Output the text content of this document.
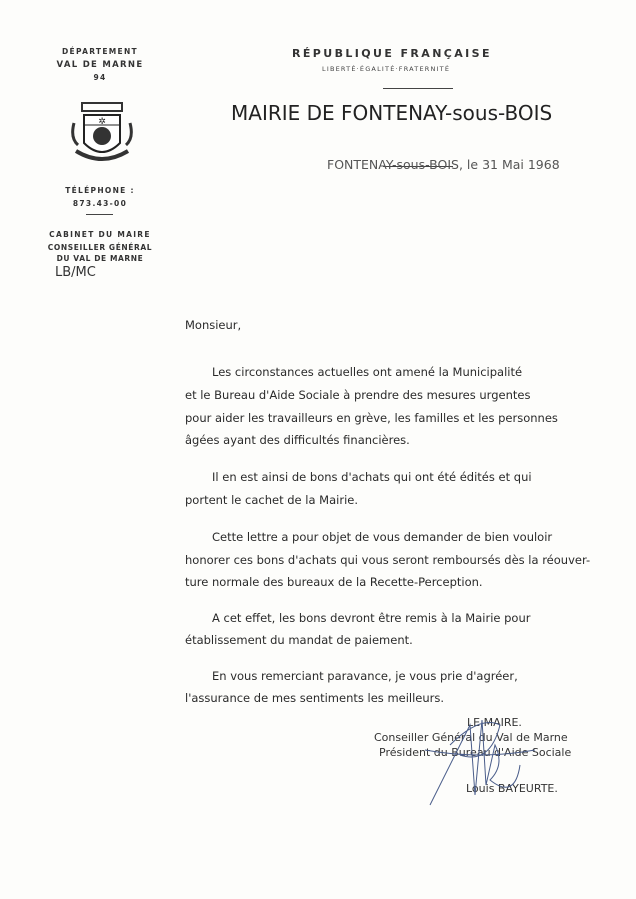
DÉPARTEMENT
VAL DE MARNE
94
✲
TÉLÉPHONE :
873.43-00
CABINET DU MAIRE
CONSEILLER GÉNÉRAL
DU VAL DE MARNE
LB/MC
RÉPUBLIQUE FRANÇAISE
LIBERTÉ·ÉGALITÉ·FRATERNITÉ
MAIRIE DE FONTENAY-sous-BOIS
FONTENAY-sous-BOIS, le 31 Mai 1968
Monsieur,
Les circonstances actuelles ont amené la Municipalité
et le Bureau d'Aide Sociale à prendre des mesures urgentes
pour aider les travailleurs en grève, les familles et les personnes
âgées ayant des difficultés financières.
Il en est ainsi de bons d'achats qui ont été édités et qui
portent le cachet de la Mairie.
Cette lettre a pour objet de vous demander de bien vouloir
honorer ces bons d'achats qui vous seront remboursés dès la réouver-
ture normale des bureaux de la Recette-Perception.
A cet effet, les bons devront être remis à la Mairie pour
établissement du mandat de paiement.
En vous remerciant paravance, je vous prie d'agréer,
l'assurance de mes sentiments les meilleurs.
LE MAIRE.
Conseiller Général du Val de Marne
Président du Bureau d'Aide Sociale
Louis BAYEURTE.
